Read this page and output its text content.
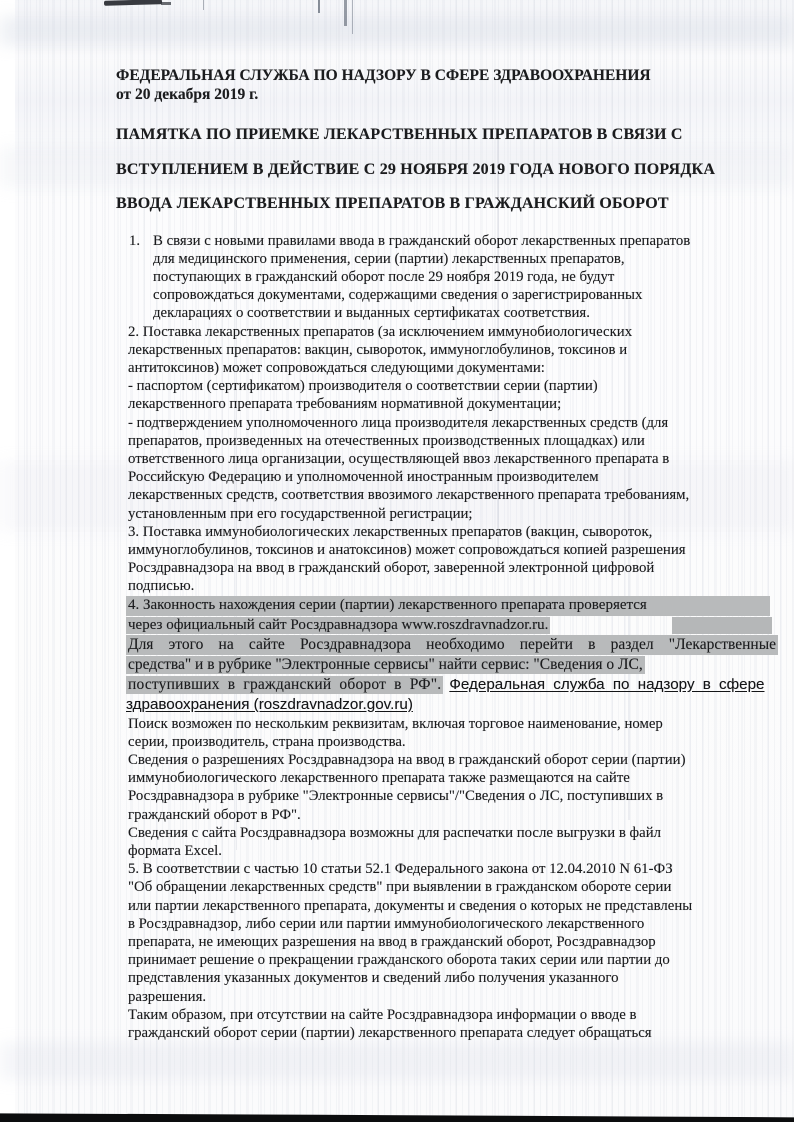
ФЕДЕРАЛЬНАЯ СЛУЖБА ПО НАДЗОРУ В СФЕРЕ ЗДРАВООХРАНЕНИЯ
от 20 декабря 2019 г.
ПАМЯТКА ПО ПРИЕМКЕ ЛЕКАРСТВЕННЫХ ПРЕПАРАТОВ В СВЯЗИ С
ВСТУПЛЕНИЕМ В ДЕЙСТВИЕ С 29 НОЯБРЯ 2019 ГОДА НОВОГО ПОРЯДКА
ВВОДА ЛЕКАРСТВЕННЫХ ПРЕПАРАТОВ В ГРАЖДАНСКИЙ ОБОРОТ
1. В связи с новыми правилами ввода в гражданский оборот лекарственных препаратов для медицинского применения, серии (партии) лекарственных препаратов, поступающих в гражданский оборот после 29 ноября 2019 года, не будут сопровождаться документами, содержащими сведения о зарегистрированных декларациях о соответствии и выданных сертификатах соответствия.

2. Поставка лекарственных препаратов (за исключением иммунобиологических лекарственных препаратов: вакцин, сывороток, иммуноглобулинов, токсинов и антитоксинов) может сопровождаться следующими документами:

- паспортом (сертификатом) производителя о соответствии серии (партии) лекарственного препарата требованиям нормативной документации;

- подтверждением уполномоченного лица производителя лекарственных средств (для препаратов, произведенных на отечественных производственных площадках) или ответственного лица организации, осуществляющей ввоз лекарственного препарата в Российскую Федерацию и уполномоченной иностранным производителем лекарственных средств, соответствия ввозимого лекарственного препарата требованиям, установленным при его государственной регистрации;

3. Поставка иммунобиологических лекарственных препаратов (вакцин, сывороток, иммуноглобулинов, токсинов и анатоксинов) может сопровождаться копией разрешения Росздравнадзора на ввод в гражданский оборот, заверенной электронной цифровой подписью.

4. Законность нахождения серии (партии) лекарственного препарата проверяется
через официальный сайт Росздравнадзора www.roszdravnadzor.ru.
Для этого на сайте Росздравнадзора необходимо перейти в раздел "Лекарственные
средства" и в рубрике "Электронные сервисы" найти сервис: "Сведения о ЛС,
поступивших в гражданский оборот в РФ". Федеральная служба по надзору в сфере
здравоохранения (roszdravnadzor.gov.ru)

Поиск возможен по нескольким реквизитам, включая торговое наименование, номер серии, производитель, страна производства.

Сведения о разрешениях Росздравнадзора на ввод в гражданский оборот серии (партии) иммунобиологического лекарственного препарата также размещаются на сайте Росздравнадзора в рубрике "Электронные сервисы"/"Сведения о ЛС, поступивших в гражданский оборот в РФ".

Сведения с сайта Росздравнадзора возможны для распечатки после выгрузки в файл формата Excel.

5. В соответствии с частью 10 статьи 52.1 Федерального закона от 12.04.2010 N 61-ФЗ "Об обращении лекарственных средств" при выявлении в гражданском обороте серии или партии лекарственного препарата, документы и сведения о которых не представлены в Росздравнадзор, либо серии или партии иммунобиологического лекарственного препарата, не имеющих разрешения на ввод в гражданский оборот, Росздравнадзор принимает решение о прекращении гражданского оборота таких серии или партии до представления указанных документов и сведений либо получения указанного разрешения.

Таким образом, при отсутствии на сайте Росздравнадзора информации о вводе в гражданский оборот серии (партии) лекарственного препарата следует обращаться
